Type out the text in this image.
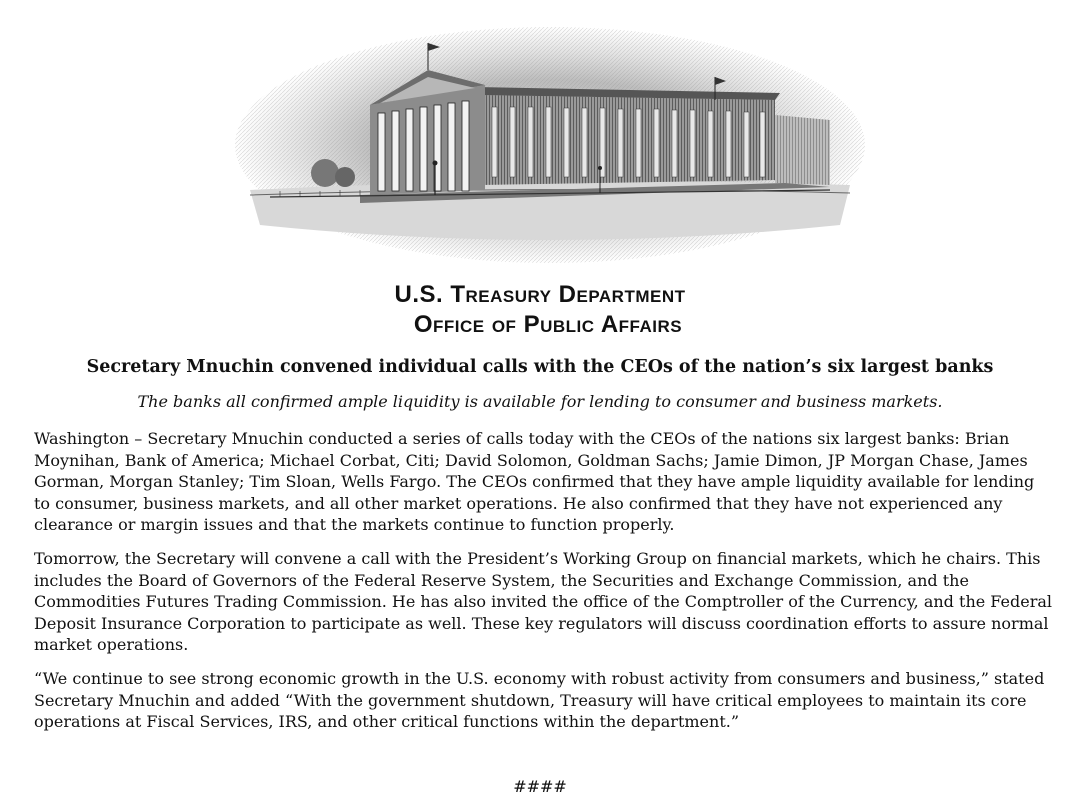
U.S. Treasury Department
Office of Public Affairs
Secretary Mnuchin convened individual calls with the CEOs of the nation’s six largest banks
The banks all confirmed ample liquidity is available for lending to consumer and business markets.

Washington – Secretary Mnuchin conducted a series of calls today with the CEOs of the nations six largest banks: Brian Moynihan, Bank of America; Michael Corbat, Citi; David Solomon, Goldman Sachs; Jamie Dimon, JP Morgan Chase, James Gorman, Morgan Stanley; Tim Sloan, Wells Fargo. The CEOs confirmed that they have ample liquidity available for lending to consumer, business markets, and all other market operations. He also confirmed that they have not experienced any clearance or margin issues and that the markets continue to function properly.

Tomorrow, the Secretary will convene a call with the President’s Working Group on financial markets, which he chairs. This includes the Board of Governors of the Federal Reserve System, the Securities and Exchange Commission, and the Commodities Futures Trading Commission. He has also invited the office of the Comptroller of the Currency, and the Federal Deposit Insurance Corporation to participate as well. These key regulators will discuss coordination efforts to assure normal market operations.

“We continue to see strong economic growth in the U.S. economy with robust activity from consumers and business,” stated Secretary Mnuchin and added “With the government shutdown, Treasury will have critical employees to maintain its core operations at Fiscal Services, IRS, and other critical functions within the department.”

####
